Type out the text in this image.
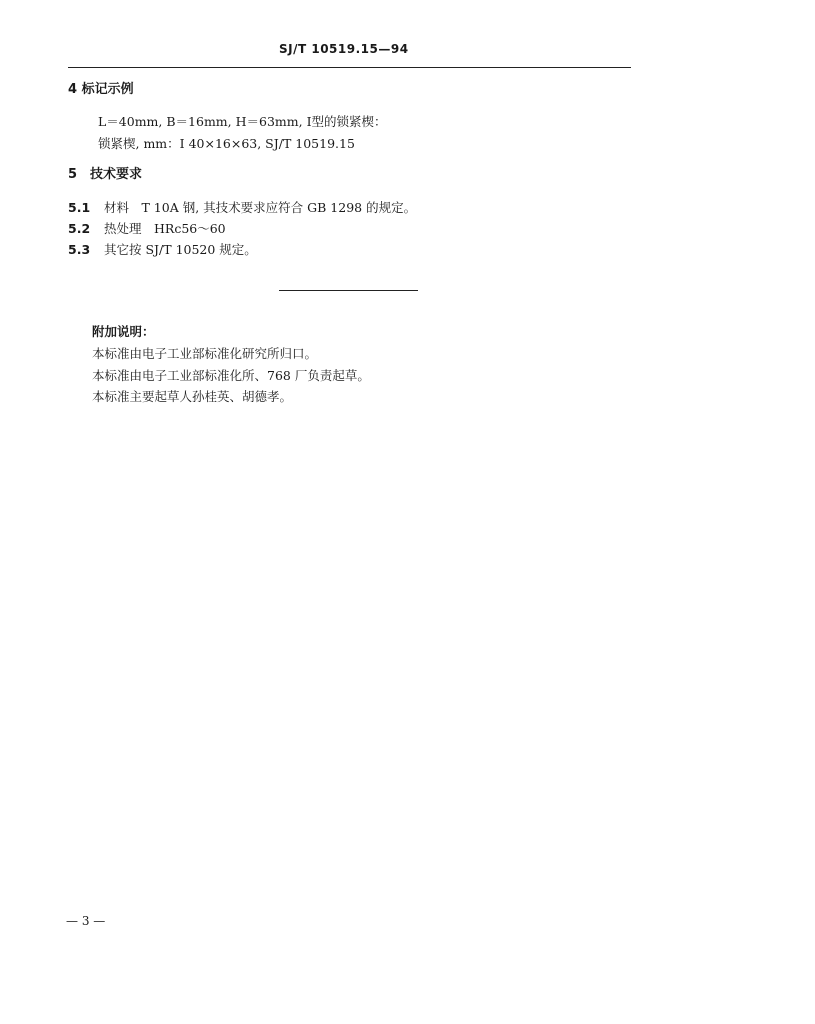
SJ/T 10519.15—94
4 标记示例
L＝40mm, B＝16mm, H＝63mm, Ⅰ型的锁紧楔：
锁紧楔, mm：Ⅰ 40×16×63, SJ/T 10519.15
5　技术要求
5.1 材料　T 10A 钢, 其技术要求应符合 GB 1298 的规定。
5.2 热处理　HRc56～60
5.3 其它按 SJ/T 10520 规定。
附加说明：
本标准由电子工业部标准化研究所归口。
本标准由电子工业部标准化所、768 厂负责起草。
本标准主要起草人孙桂英、胡德孝。
— 3 —
